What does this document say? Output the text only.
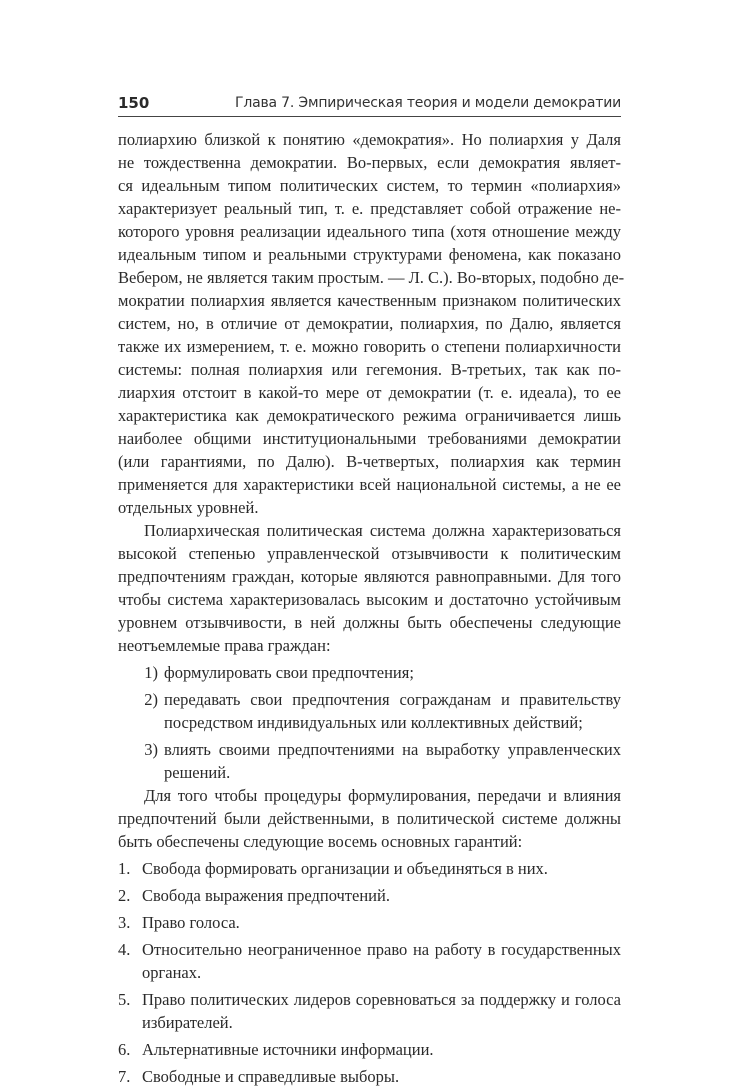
150	Глава 7. Эмпирическая теория и модели демократии
полиархию близкой к понятию «демократия». Но полиархия у Даля
не тождественна демократии. Во-первых, если демократия являет-
ся идеальным типом политических систем, то термин «полиархия»
характеризует реальный тип, т. е. представляет собой отражение не-
которого уровня реализации идеального типа (хотя отношение между
идеальным типом и реальными структурами феномена, как показано
Вебером, не является таким простым. — Л. С.). Во-вторых, подобно де-
мократии полиархия является качественным признаком политических
систем, но, в отличие от демократии, полиархия, по Далю, является
также их измерением, т. е. можно говорить о степени полиархичности
системы: полная полиархия или гегемония. В-третьих, так как по-
лиархия отстоит в какой-то мере от демократии (т. е. идеала), то ее
характеристика как демократического режима ограничивается лишь
наиболее общими институциональными требованиями демократии
(или гарантиями, по Далю). В-четвертых, полиархия как термин
применяется для характеристики всей национальной системы, а не ее
отдельных уровней.
Полиархическая политическая система должна характеризоваться
высокой степенью управленческой отзывчивости к политическим
предпочтениям граждан, которые являются равноправными. Для того
чтобы система характеризовалась высоким и достаточно устойчивым
уровнем отзывчивости, в ней должны быть обеспечены следующие
неотъемлемые права граждан:
1) формулировать свои предпочтения;
2) передавать свои предпочтения согражданам и правительству
посредством индивидуальных или коллективных действий;
3) влиять своими предпочтениями на выработку управленческих
решений.
Для того чтобы процедуры формулирования, передачи и влияния
предпочтений были действенными, в политической системе должны
быть обеспечены следующие восемь основных гарантий:
1. Свобода формировать организации и объединяться в них.
2. Свобода выражения предпочтений.
3. Право голоса.
4. Относительно неограниченное право на работу в государственных
органах.
5. Право политических лидеров соревноваться за поддержку и голоса
избирателей.
6. Альтернативные источники информации.
7. Свободные и справедливые выборы.
